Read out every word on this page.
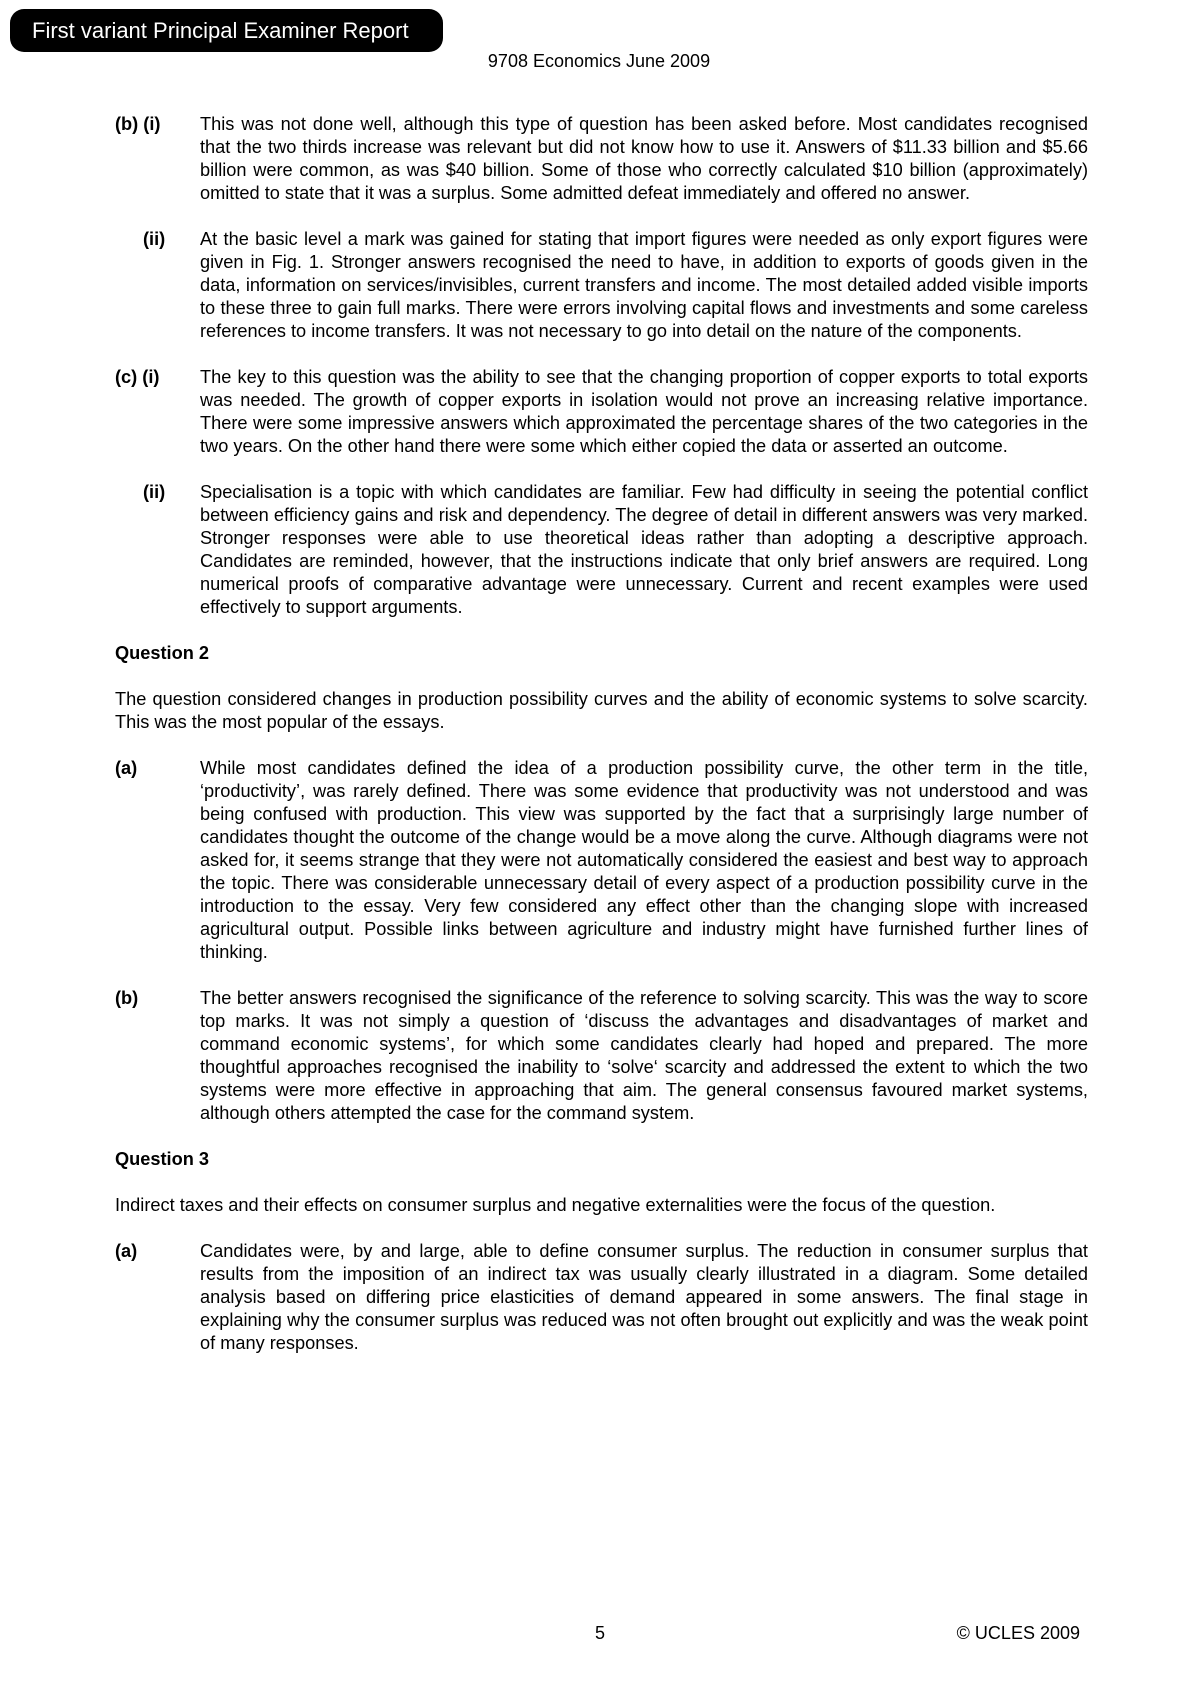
First variant Principal Examiner Report
9708 Economics June 2009
(b) (i) This was not done well, although this type of question has been asked before. Most candidates recognised that the two thirds increase was relevant but did not know how to use it. Answers of $11.33 billion and $5.66 billion were common, as was $40 billion. Some of those who correctly calculated $10 billion (approximately) omitted to state that it was a surplus. Some admitted defeat immediately and offered no answer.
(ii) At the basic level a mark was gained for stating that import figures were needed as only export figures were given in Fig. 1. Stronger answers recognised the need to have, in addition to exports of goods given in the data, information on services/invisibles, current transfers and income. The most detailed added visible imports to these three to gain full marks. There were errors involving capital flows and investments and some careless references to income transfers. It was not necessary to go into detail on the nature of the components.
(c) (i) The key to this question was the ability to see that the changing proportion of copper exports to total exports was needed. The growth of copper exports in isolation would not prove an increasing relative importance. There were some impressive answers which approximated the percentage shares of the two categories in the two years. On the other hand there were some which either copied the data or asserted an outcome.
(ii) Specialisation is a topic with which candidates are familiar. Few had difficulty in seeing the potential conflict between efficiency gains and risk and dependency. The degree of detail in different answers was very marked. Stronger responses were able to use theoretical ideas rather than adopting a descriptive approach. Candidates are reminded, however, that the instructions indicate that only brief answers are required. Long numerical proofs of comparative advantage were unnecessary. Current and recent examples were used effectively to support arguments.
Question 2
The question considered changes in production possibility curves and the ability of economic systems to solve scarcity. This was the most popular of the essays.
(a)	While most candidates defined the idea of a production possibility curve, the other term in the title, ‘productivity’, was rarely defined. There was some evidence that productivity was not understood and was being confused with production. This view was supported by the fact that a surprisingly large number of candidates thought the outcome of the change would be a move along the curve. Although diagrams were not asked for, it seems strange that they were not automatically considered the easiest and best way to approach the topic. There was considerable unnecessary detail of every aspect of a production possibility curve in the introduction to the essay. Very few considered any effect other than the changing slope with increased agricultural output. Possible links between agriculture and industry might have furnished further lines of thinking.
(b)	The better answers recognised the significance of the reference to solving scarcity. This was the way to score top marks. It was not simply a question of ‘discuss the advantages and disadvantages of market and command economic systems’, for which some candidates clearly had hoped and prepared. The more thoughtful approaches recognised the inability to ‘solve‘ scarcity and addressed the extent to which the two systems were more effective in approaching that aim. The general consensus favoured market systems, although others attempted the case for the command system.
Question 3
Indirect taxes and their effects on consumer surplus and negative externalities were the focus of the question.
(a)	Candidates were, by and large, able to define consumer surplus. The reduction in consumer surplus that results from the imposition of an indirect tax was usually clearly illustrated in a diagram. Some detailed analysis based on differing price elasticities of demand appeared in some answers. The final stage in explaining why the consumer surplus was reduced was not often brought out explicitly and was the weak point of many responses.
5	© UCLES 2009
